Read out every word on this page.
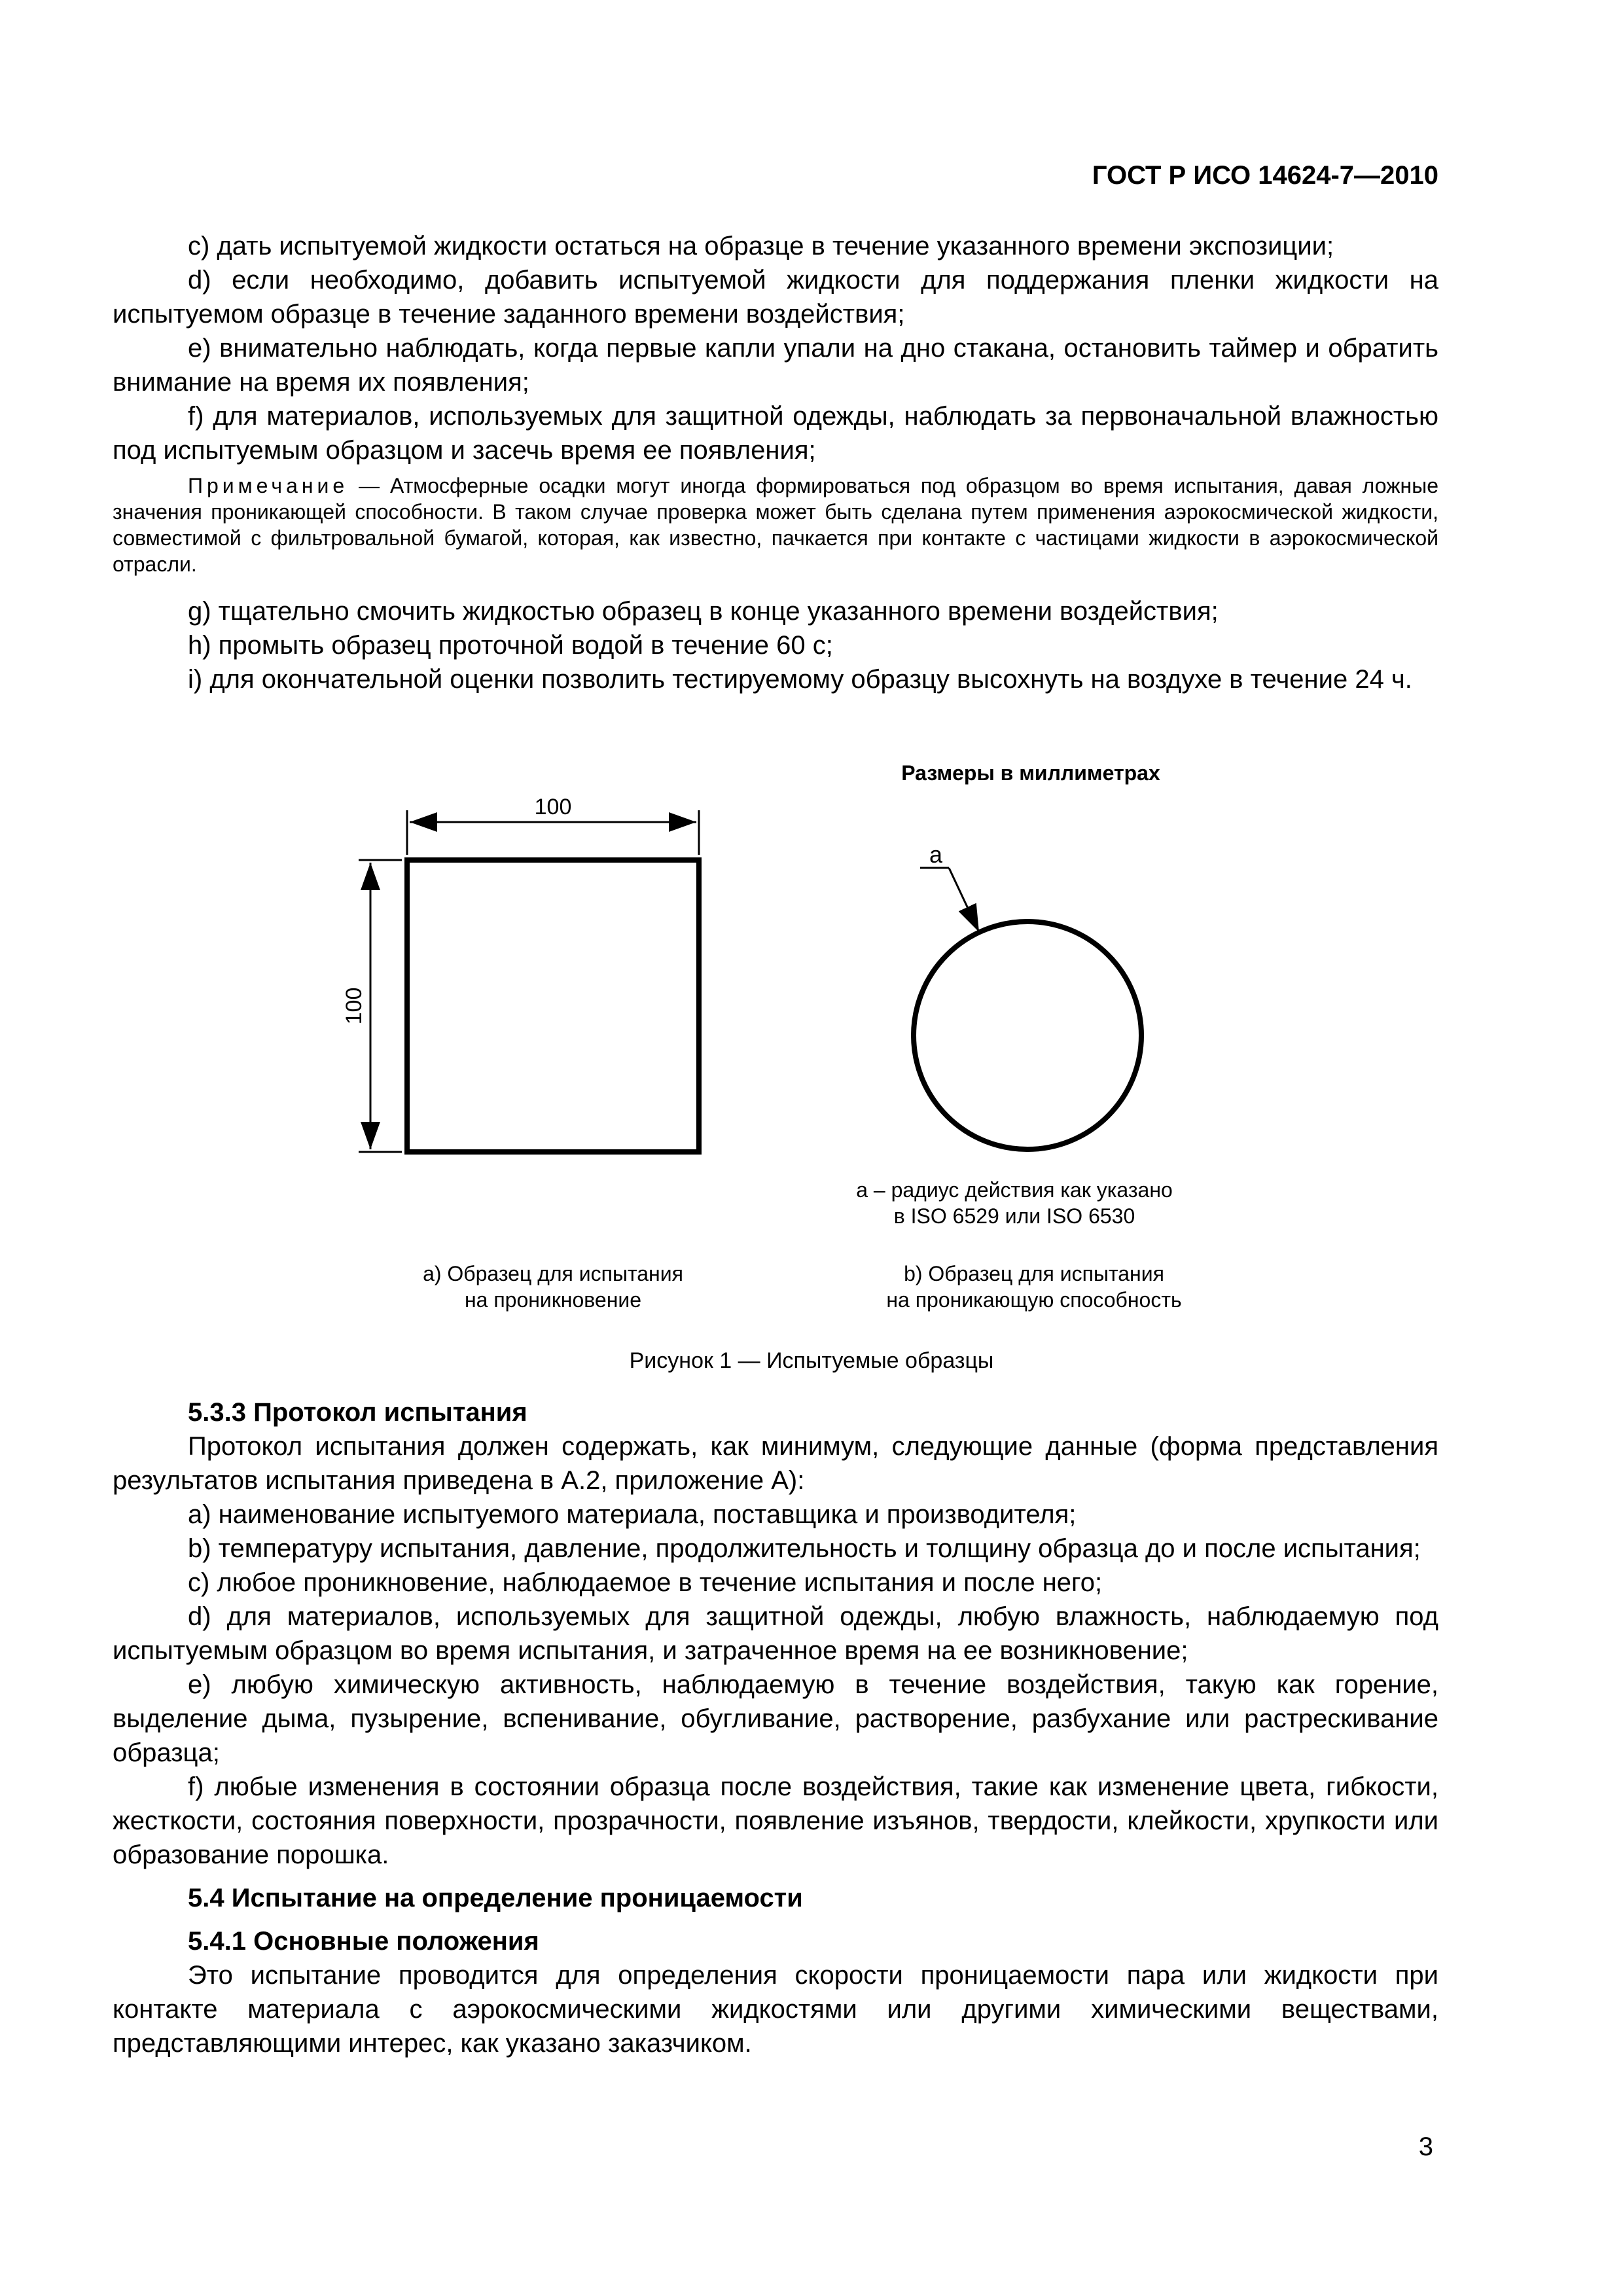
ГОСТ Р ИСО 14624-7—2010

c) дать испытуемой жидкости остаться на образце в течение указанного времени экспозиции;

d) если необходимо, добавить испытуемой жидкости для поддержания пленки жидкости на испытуемом образце в течение заданного времени воздействия;

e) внимательно наблюдать, когда первые капли упали на дно стакана, остановить таймер и обратить внимание на время их появления;

f) для материалов, используемых для защитной одежды, наблюдать за первоначальной влажностью под испытуемым образцом и засечь время ее появления;

Примечание — Атмосферные осадки могут иногда формироваться под образцом во время испытания, давая ложные значения проникающей способности. В таком случае проверка может быть сделана путем применения аэрокосмической жидкости, совместимой с фильтровальной бумагой, которая, как известно, пачкается при контакте с частицами жидкости в аэрокосмической отрасли.

g) тщательно смочить жидкостью образец в конце указанного времени воздействия;

h) промыть образец проточной водой в течение 60 с;

i) для окончательной оценки позволить тестируемому образцу высохнуть на воздухе в течение 24 ч.

100
100
a
Размеры в миллиметрах
a – радиус действия как указано
в ISO 6529 или ISO 6530
a) Образец для испытания
на проникновение
b) Образец для испытания
на проникающую способность
Рисунок 1 — Испытуемые образцы

5.3.3 Протокол испытания

Протокол испытания должен содержать, как минимум, следующие данные (форма представления результатов испытания приведена в А.2, приложение А):

a) наименование испытуемого материала, поставщика и производителя;

b) температуру испытания, давление, продолжительность и толщину образца до и после испытания;

c) любое проникновение, наблюдаемое в течение испытания и после него;

d) для материалов, используемых для защитной одежды, любую влажность, наблюдаемую под испытуемым образцом во время испытания, и затраченное время на ее возникновение;

e) любую химическую активность, наблюдаемую в течение воздействия, такую как горение, выделение дыма, пузырение, вспенивание, обугливание, растворение, разбухание или растрескивание образца;

f) любые изменения в состоянии образца после воздействия, такие как изменение цвета, гибкости, жесткости, состояния поверхности, прозрачности, появление изъянов, твердости, клейкости, хрупкости или образование порошка.

5.4 Испытание на определение проницаемости

5.4.1 Основные положения

Это испытание проводится для определения скорости проницаемости пара или жидкости при контакте материала с аэрокосмическими жидкостями или другими химическими веществами, представляющими интерес, как указано заказчиком.

3
